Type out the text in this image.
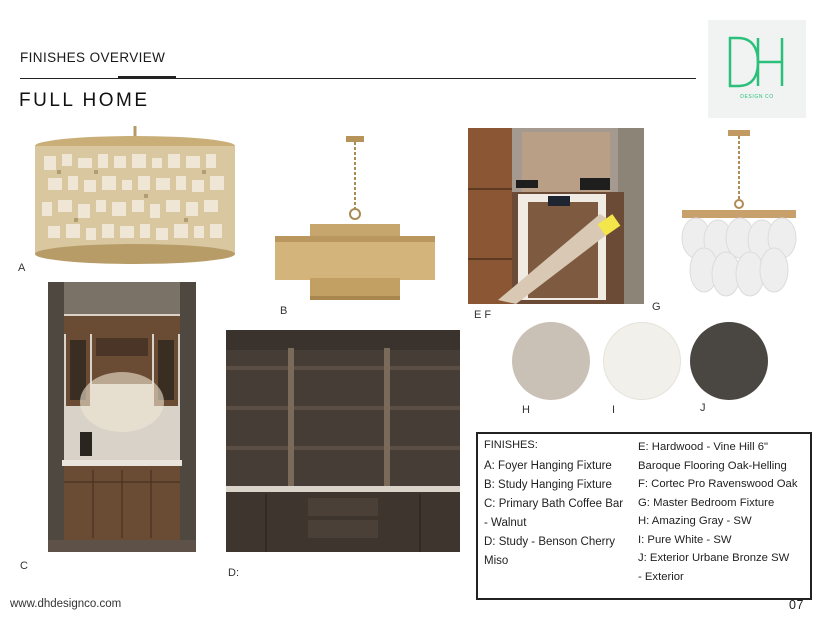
FINISHES OVERVIEW
FULL HOME	DESIGN CO
A
B	E F
G
C
D:
H	I	J
FINISHES:
A: Foyer Hanging Fixture
B: Study Hanging Fixture
C: Primary Bath Coffee Bar
- Walnut
D: Study - Benson Cherry
Miso
E: Hardwood - Vine Hill 6"
Baroque Flooring Oak-Helling
F: Cortec Pro Ravenswood Oak
G: Master Bedroom Fixture
H: Amazing Gray - SW
I: Pure White - SW
J: Exterior Urbane Bronze SW
- Exterior
www.dhdesignco.com	07
